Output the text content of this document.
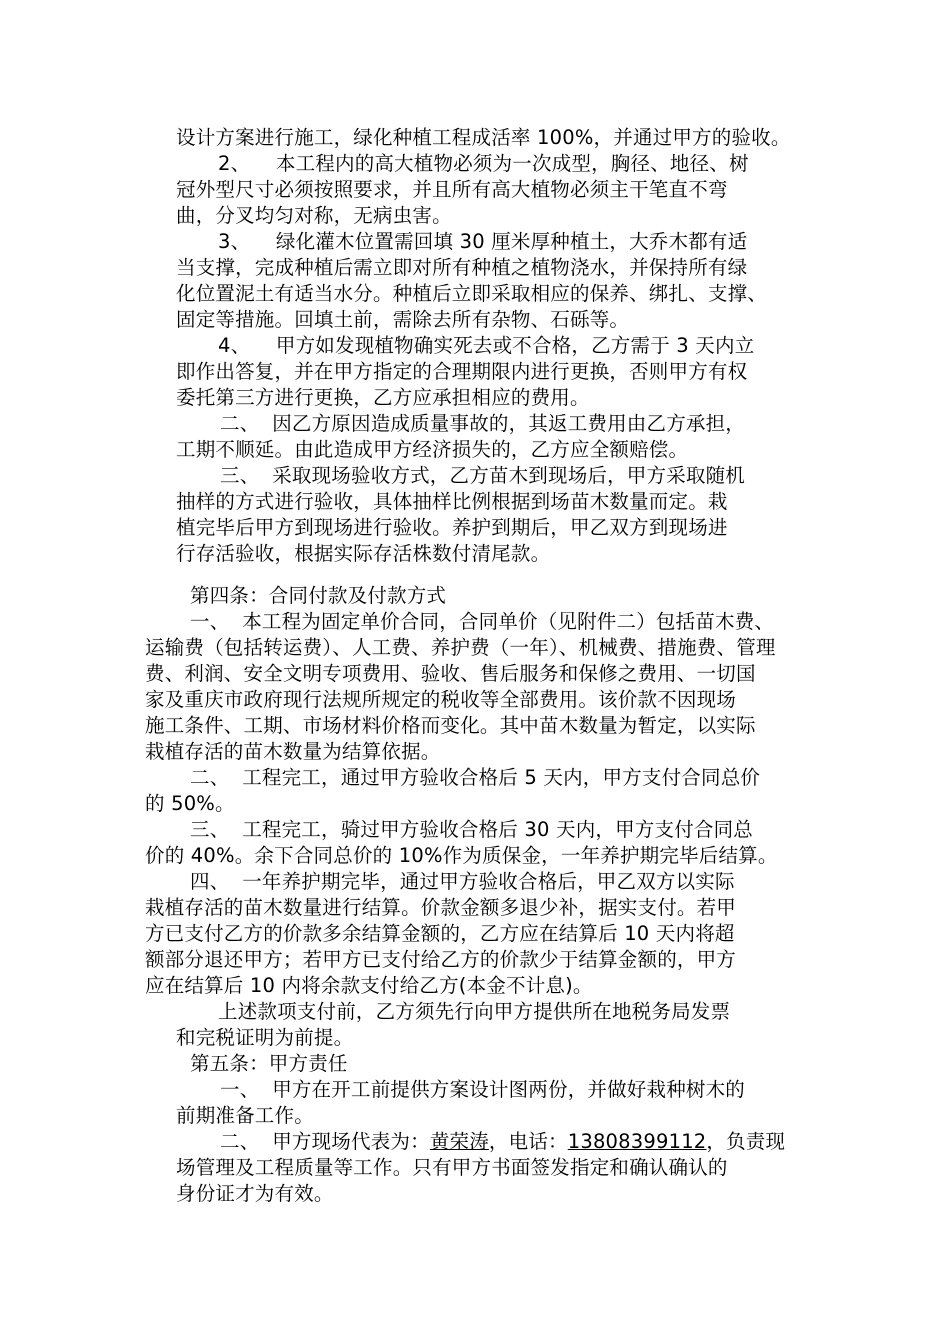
设计方案进行施工，绿化种植工程成活率 100%，并通过甲方的验收。
2、    本工程内的高大植物必须为一次成型，胸径、地径、树
冠外型尺寸必须按照要求，并且所有高大植物必须主干笔直不弯
曲，分叉均匀对称，无病虫害。
3、    绿化灌木位置需回填 30 厘米厚种植土，大乔木都有适
当支撑，完成种植后需立即对所有种植之植物浇水，并保持所有绿
化位置泥土有适当水分。种植后立即采取相应的保养、绑扎、支撑、
固定等措施。回填土前，需除去所有杂物、石砾等。
4、    甲方如发现植物确实死去或不合格，乙方需于 3 天内立
即作出答复，并在甲方指定的合理期限内进行更换，否则甲方有权
委托第三方进行更换，乙方应承担相应的费用。
二、  因乙方原因造成质量事故的，其返工费用由乙方承担，
工期不顺延。由此造成甲方经济损失的，乙方应全额赔偿。
三、  采取现场验收方式，乙方苗木到现场后，甲方采取随机
抽样的方式进行验收，具体抽样比例根据到场苗木数量而定。栽
植完毕后甲方到现场进行验收。养护到期后，甲乙双方到现场进
行存活验收，根据实际存活株数付清尾款。
第四条：合同付款及付款方式
一、  本工程为固定单价合同，合同单价（见附件二）包括苗木费、
运输费（包括转运费）、人工费、养护费（一年）、机械费、措施费、管理
费、利润、安全文明专项费用、验收、售后服务和保修之费用、一切国
家及重庆市政府现行法规所规定的税收等全部费用。该价款不因现场
施工条件、工期、市场材料价格而变化。其中苗木数量为暂定，以实际
栽植存活的苗木数量为结算依据。
二、  工程完工，通过甲方验收合格后 5 天内，甲方支付合同总价
的 50%。
三、  工程完工，骑过甲方验收合格后 30 天内，甲方支付合同总
价的 40%。余下合同总价的 10%作为质保金，一年养护期完毕后结算。
四、  一年养护期完毕，通过甲方验收合格后，甲乙双方以实际
栽植存活的苗木数量进行结算。价款金额多退少补，据实支付。若甲
方已支付乙方的价款多余结算金额的，乙方应在结算后 10 天内将超
额部分退还甲方；若甲方已支付给乙方的价款少于结算金额的，甲方
应在结算后 10 内将余款支付给乙方(本金不计息)。
上述款项支付前，乙方须先行向甲方提供所在地税务局发票
和完税证明为前提。
第五条：甲方责任
一、  甲方在开工前提供方案设计图两份，并做好栽种树木的
前期准备工作。
二、  甲方现场代表为：黄荣涛，电话：13808399112，负责现
场管理及工程质量等工作。只有甲方书面签发指定和确认确认的
身份证才为有效。
